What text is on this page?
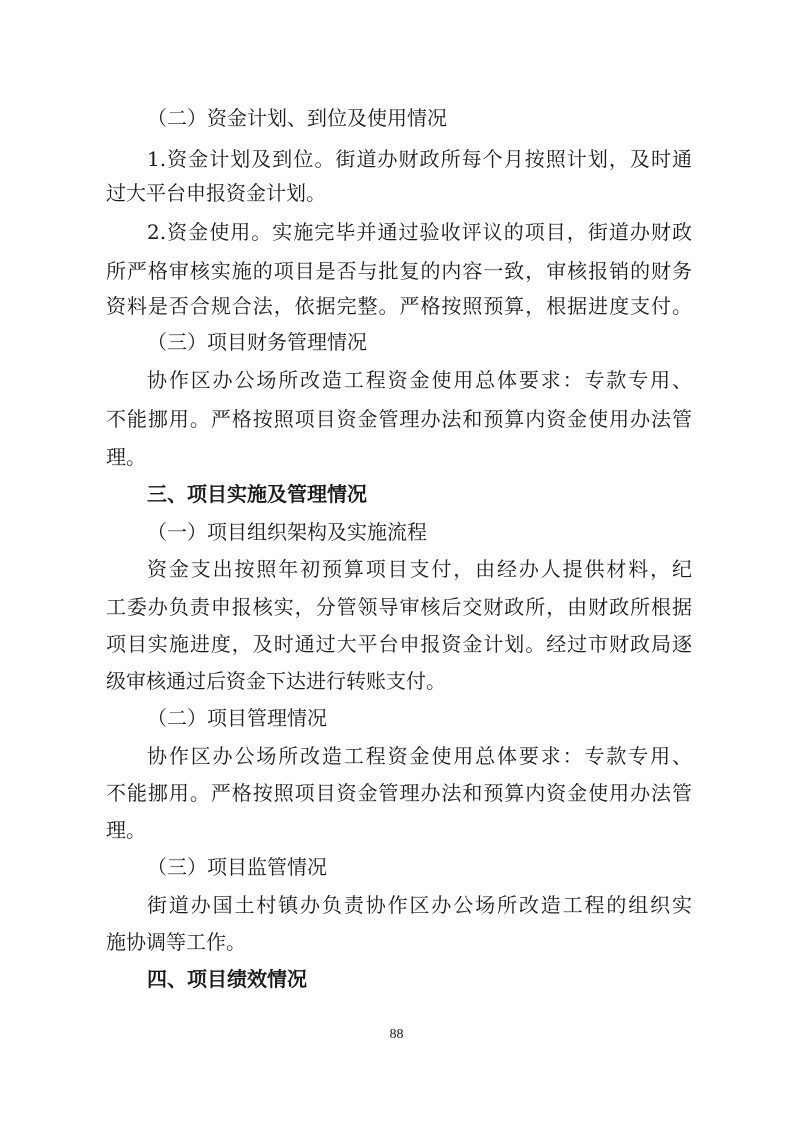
（二）资金计划、到位及使用情况
1.资金计划及到位。街道办财政所每个月按照计划，及时通
过大平台申报资金计划。
2.资金使用。实施完毕并通过验收评议的项目，街道办财政
所严格审核实施的项目是否与批复的内容一致，审核报销的财务
资料是否合规合法，依据完整。严格按照预算，根据进度支付。
（三）项目财务管理情况
协作区办公场所改造工程资金使用总体要求：专款专用、
不能挪用。严格按照项目资金管理办法和预算内资金使用办法管
理。
三、项目实施及管理情况
（一）项目组织架构及实施流程
资金支出按照年初预算项目支付，由经办人提供材料，纪
工委办负责申报核实，分管领导审核后交财政所，由财政所根据
项目实施进度，及时通过大平台申报资金计划。经过市财政局逐
级审核通过后资金下达进行转账支付。
（二）项目管理情况
协作区办公场所改造工程资金使用总体要求：专款专用、
不能挪用。严格按照项目资金管理办法和预算内资金使用办法管
理。
（三）项目监管情况
街道办国土村镇办负责协作区办公场所改造工程的组织实
施协调等工作。
四、项目绩效情况
88
